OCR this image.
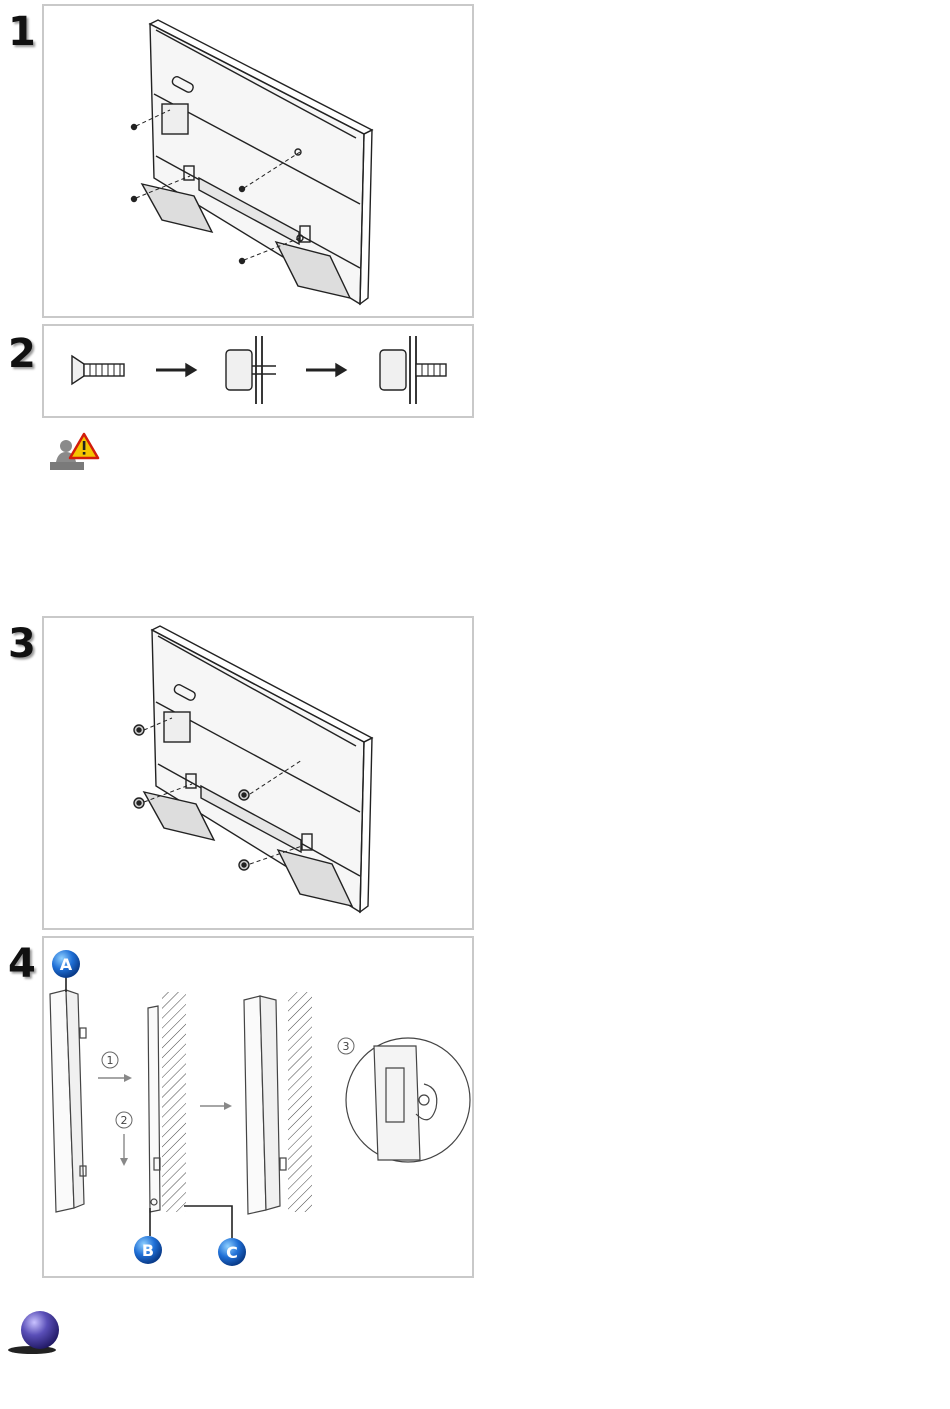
1
2
3
4
1
2
3
A
B	C
